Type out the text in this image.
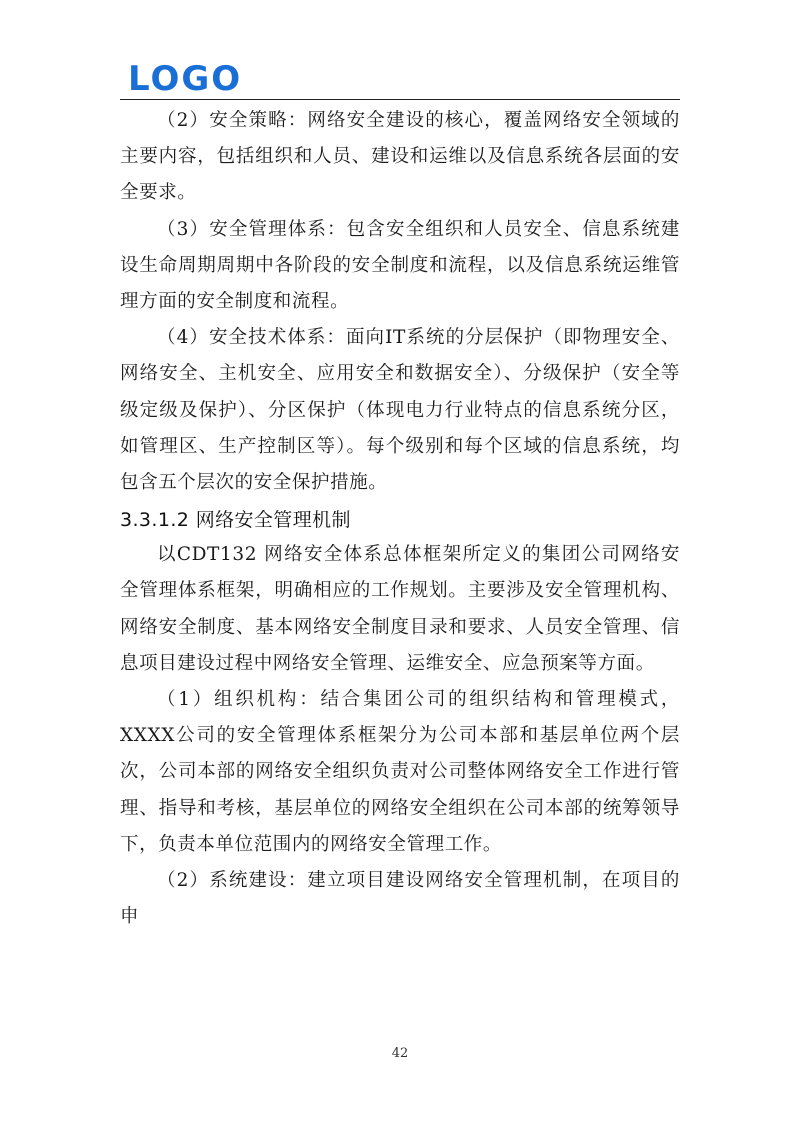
LOGO

（2）安全策略：网络安全建设的核心，覆盖网络安全领域的主要内容，包括组织和人员、建设和运维以及信息系统各层面的安全要求。

（3）安全管理体系：包含安全组织和人员安全、信息系统建设生命周期周期中各阶段的安全制度和流程，以及信息系统运维管理方面的安全制度和流程。

（4）安全技术体系：面向IT系统的分层保护（即物理安全、网络安全、主机安全、应用安全和数据安全）、分级保护（安全等级定级及保护）、分区保护（体现电力行业特点的信息系统分区，如管理区、生产控制区等）。每个级别和每个区域的信息系统，均包含五个层次的安全保护措施。

3.3.1.2 网络安全管理机制

以CDT132 网络安全体系总体框架所定义的集团公司网络安全管理体系框架，明确相应的工作规划。主要涉及安全管理机构、网络安全制度、基本网络安全制度目录和要求、人员安全管理、信息项目建设过程中网络安全管理、运维安全、应急预案等方面。

（1）组织机构：结合集团公司的组织结构和管理模式，XXXX公司的安全管理体系框架分为公司本部和基层单位两个层次，公司本部的网络安全组织负责对公司整体网络安全工作进行管理、指导和考核，基层单位的网络安全组织在公司本部的统筹领导下，负责本单位范围内的网络安全管理工作。

（2）系统建设：建立项目建设网络安全管理机制，在项目的申

42
